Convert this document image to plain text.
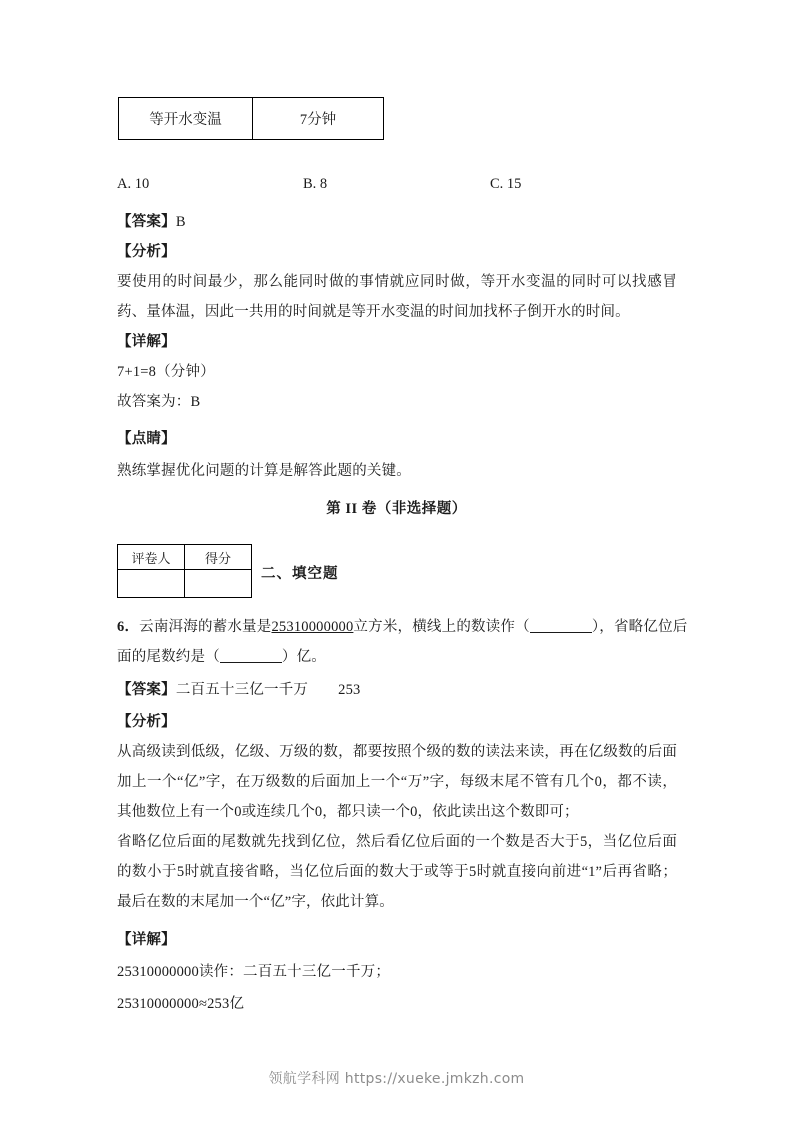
等开水变温	7分钟
A. 10	B. 8	C. 15
【答案】B
【分析】
要使用的时间最少，那么能同时做的事情就应同时做，等开水变温的同时可以找感冒药、量体温，因此一共用的时间就是等开水变温的时间加找杯子倒开水的时间。
【详解】
7+1=8（分钟）
故答案为：B
【点睛】
熟练掌握优化问题的计算是解答此题的关键。
第 II 卷（非选择题）
评卷人	得分

二、填空题
6．云南洱海的蓄水量是25310000000立方米，横线上的数读作（	），省略亿位后
面的尾数约是（	）亿。
【答案】二百五十三亿一千万 253
【分析】
从高级读到低级，亿级、万级的数，都要按照个级的数的读法来读，再在亿级数的后面加上一个“亿”字，在万级数的后面加上一个“万”字，每级末尾不管有几个0，都不读，其他数位上有一个0或连续几个0，都只读一个0，依此读出这个数即可；
省略亿位后面的尾数就先找到亿位，然后看亿位后面的一个数是否大于5，当亿位后面的数小于5时就直接省略，当亿位后面的数大于或等于5时就直接向前进“1”后再省略；最后在数的末尾加一个“亿”字，依此计算。
【详解】
25310000000读作：二百五十三亿一千万；
25310000000≈253亿
领航学科网 https://xueke.jmkzh.com
